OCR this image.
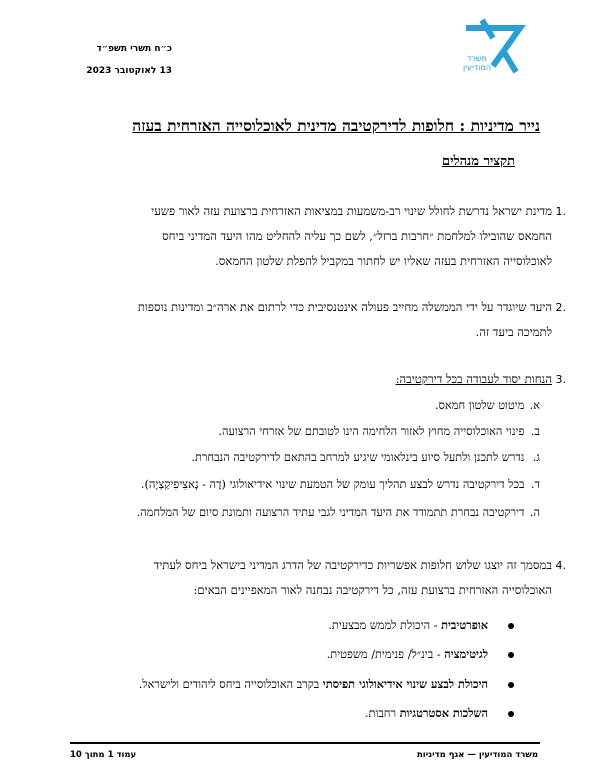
משרד המודיעין
כ״ח תשרי תשפ״ד
13 לאוקטובר 2023
נייר מדיניות : חלופות לדירקטיבה מדינית לאוכלוסייה האזרחית בעזה
תקציר מנהלים
.1

מדינת ישראל נדרשת לחולל שינוי רב-משמעות במציאות האזרחית ברצועת עזה לאור פשעי

החמאס שהובילו למלחמת ״חרבות ברזל״, לשם כך עליה להחליט מהו היעד המדיני ביחס

לאוכלוסייה האזרחית בעזה שאליו יש לחתור במקביל להפלת שלטון החמאס.

.2

היעד שיוגדר על ידי הממשלה מחייב פעולה אינטנסיבית כדי לרתום את ארה״ב ומדינות נוספות

לתמיכה ביעד זה.

.3

הנחות יסוד לעבודה בכל דירקטיבה:

א. מיטוט שלטון חמאס.
ב. פינוי האוכלוסייה מחוץ לאזור הלחימה הינו לטובתם של אזרחי הרצועה.
ג. נדרש לתכנן ולתעל סיוע בינלאומי שיגיע למרחב בהתאם לדירקטיבה הנבחרת.
ד. בכל דירקטיבה נדרש לבצע תהליך עומק של הטמעת שינוי אידיאולוגי (דֶה - נָאצִיפִיקַצְיָה).
ה. דירקטיבה נבחרת תתמודד את היעד המדיני לגבי עתיד הרצועה ותמונת סיום של המלחמה.
.4

במסמך זה יוצגו שלוש חלופות אפשריות כדירקטיבה של הדרג המדיני בישראל ביחס לעתיד

האוכלוסייה האזרחית ברצועת עזה, כל דירקטיבה נבחנה לאור המאפיינים הבאים:

אופרטיבית - היכולת לממש מבצעית.
לגיטימציה - בינ״ל/ פנימית/ משפטית.
היכולת לבצע שינוי אידיאולוגי תפיסתי בקרב האוכלוסייה ביחס ליהודים ולישראל.
השלכות אסטרטגיות רחבות.
עמוד 1 מתוך 10	משרד המודיעין — אגף מדיניות
